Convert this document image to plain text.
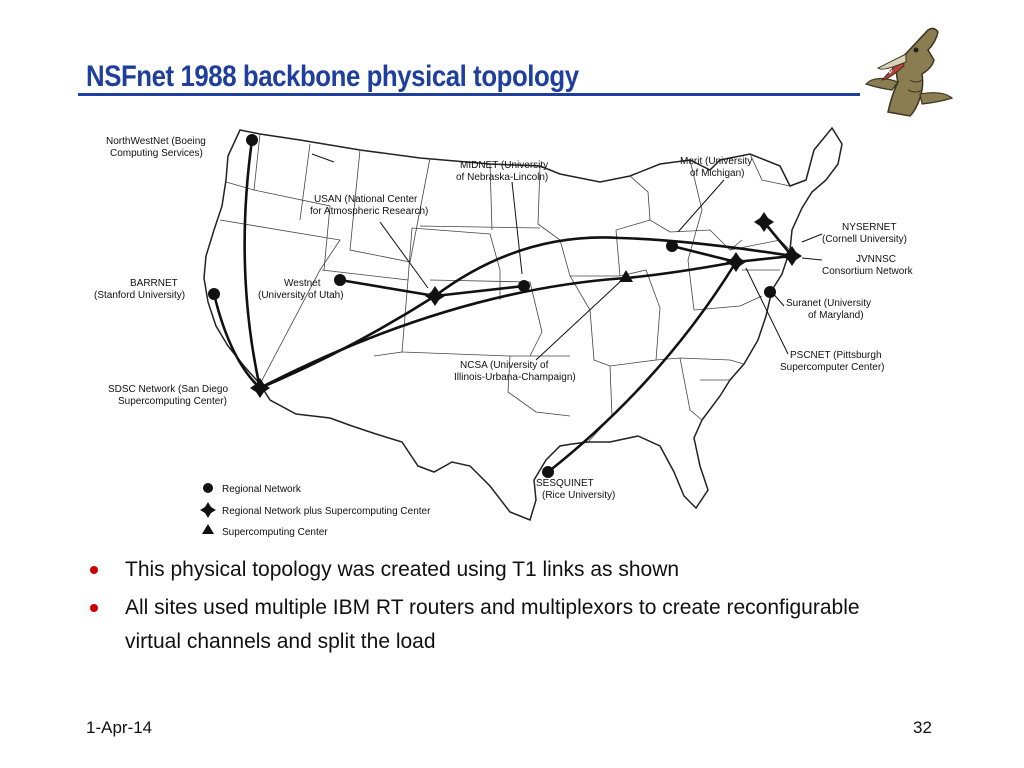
NSFnet 1988 backbone physical topology
NorthWestNet (Boeing
Computing Services)
BARRNET
(Stanford University)
SDSC Network (San Diego
Supercomputing Center)
USAN (National Center
for Atmospheric Research)
Westnet
(University of Utah)
MIDNET (University
of Nebraska-Lincoln)
Merit (University
of Michigan)
NYSERNET
(Cornell University)
JVNNSC
Consortium Network
Suranet (University
of Maryland)
PSCNET (Pittsburgh
Supercomputer Center)
NCSA (University of
Illinois-Urbana-Champaign)
SESQUINET
(Rice University)
Regional Network
Regional Network plus Supercomputing Center
Supercomputing Center
This physical topology was created using T1 links as shown
All sites used multiple IBM RT routers and multiplexors to create reconfigurable virtual channels and split the load
1-Apr-14	32
